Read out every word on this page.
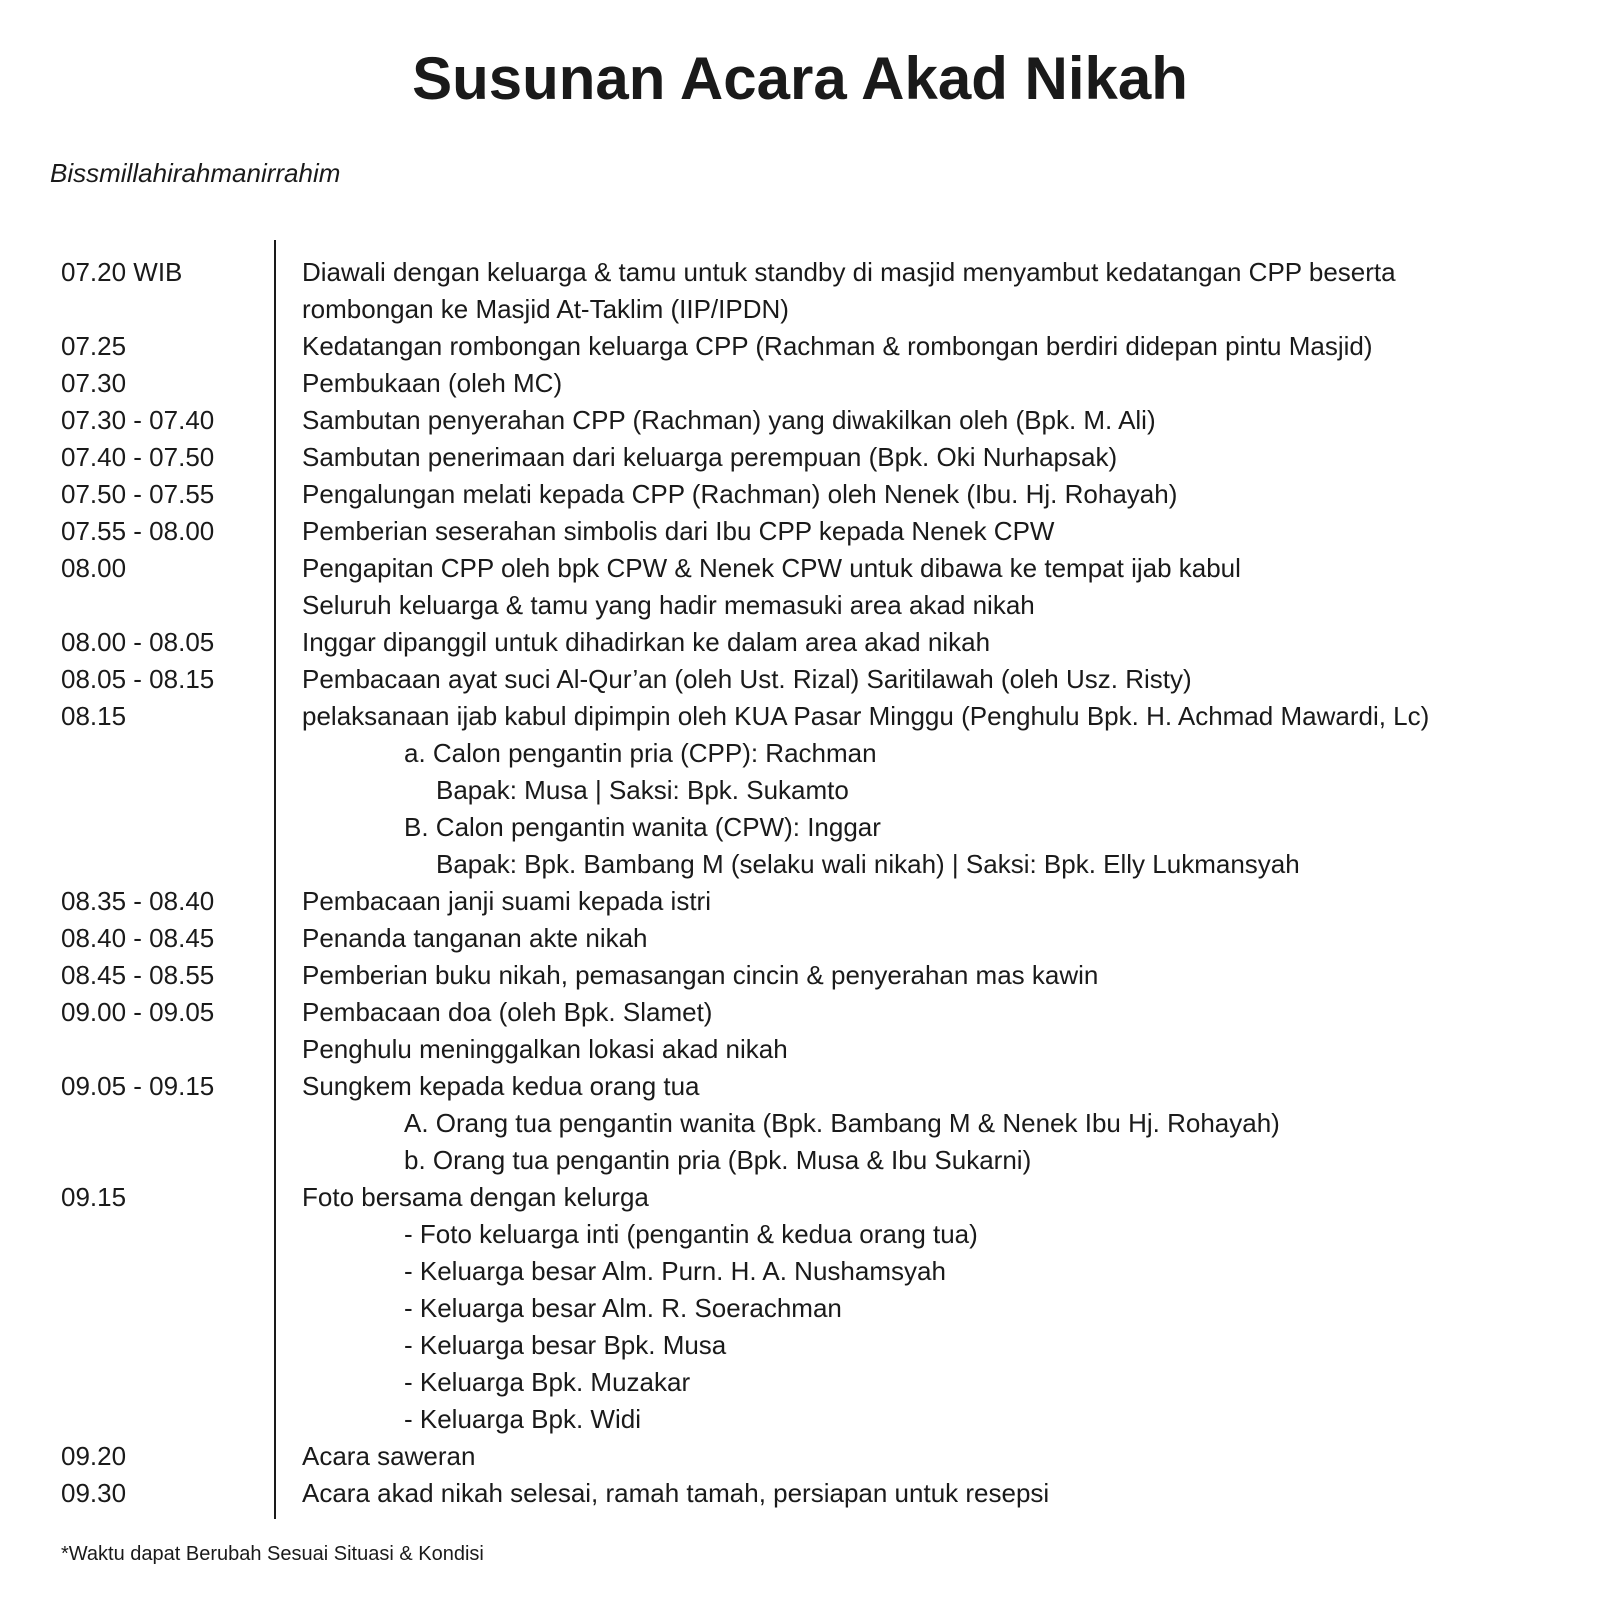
Susunan Acara Akad Nikah
Bissmillahirahmanirrahim
07.20 WIB	Diawali dengan keluarga & tamu untuk standby di masjid menyambut kedatangan CPP beserta
rombongan ke Masjid At-Taklim (IIP/IPDN)
07.25	Kedatangan rombongan keluarga CPP (Rachman & rombongan berdiri didepan pintu Masjid)
07.30	Pembukaan (oleh MC)
07.30 - 07.40	Sambutan penyerahan CPP (Rachman) yang diwakilkan oleh (Bpk. M. Ali)
07.40 - 07.50	Sambutan penerimaan dari keluarga perempuan (Bpk. Oki Nurhapsak)
07.50 - 07.55	Pengalungan melati kepada CPP (Rachman) oleh Nenek (Ibu. Hj. Rohayah)
07.55 - 08.00	Pemberian seserahan simbolis dari Ibu CPP kepada Nenek CPW
08.00	Pengapitan CPP oleh bpk CPW & Nenek CPW untuk dibawa ke tempat ijab kabul
Seluruh keluarga & tamu yang hadir memasuki area akad nikah
08.00 - 08.05	Inggar dipanggil untuk dihadirkan ke dalam area akad nikah
08.05 - 08.15	Pembacaan ayat suci Al-Qur’an (oleh Ust. Rizal) Saritilawah (oleh Usz. Risty)
08.15	pelaksanaan ijab kabul dipimpin oleh KUA Pasar Minggu (Penghulu Bpk. H. Achmad Mawardi, Lc)
a. Calon pengantin pria (CPP): Rachman
Bapak: Musa | Saksi: Bpk. Sukamto
B. Calon pengantin wanita (CPW): Inggar
Bapak: Bpk. Bambang M (selaku wali nikah) | Saksi: Bpk. Elly Lukmansyah
08.35 - 08.40	Pembacaan janji suami kepada istri
08.40 - 08.45	Penanda tanganan akte nikah
08.45 - 08.55	Pemberian buku nikah, pemasangan cincin & penyerahan mas kawin
09.00 - 09.05	Pembacaan doa (oleh Bpk. Slamet)
Penghulu meninggalkan lokasi akad nikah
09.05 - 09.15	Sungkem kepada kedua orang tua
A. Orang tua pengantin wanita (Bpk. Bambang M & Nenek Ibu Hj. Rohayah)
b. Orang tua pengantin pria (Bpk. Musa & Ibu Sukarni)
09.15	Foto bersama dengan kelurga
- Foto keluarga inti (pengantin & kedua orang tua)
- Keluarga besar Alm. Purn. H. A. Nushamsyah
- Keluarga besar Alm. R. Soerachman
- Keluarga besar Bpk. Musa
- Keluarga Bpk. Muzakar
- Keluarga Bpk. Widi
09.20	Acara saweran
09.30	Acara akad nikah selesai, ramah tamah, persiapan untuk resepsi
*Waktu dapat Berubah Sesuai Situasi & Kondisi
